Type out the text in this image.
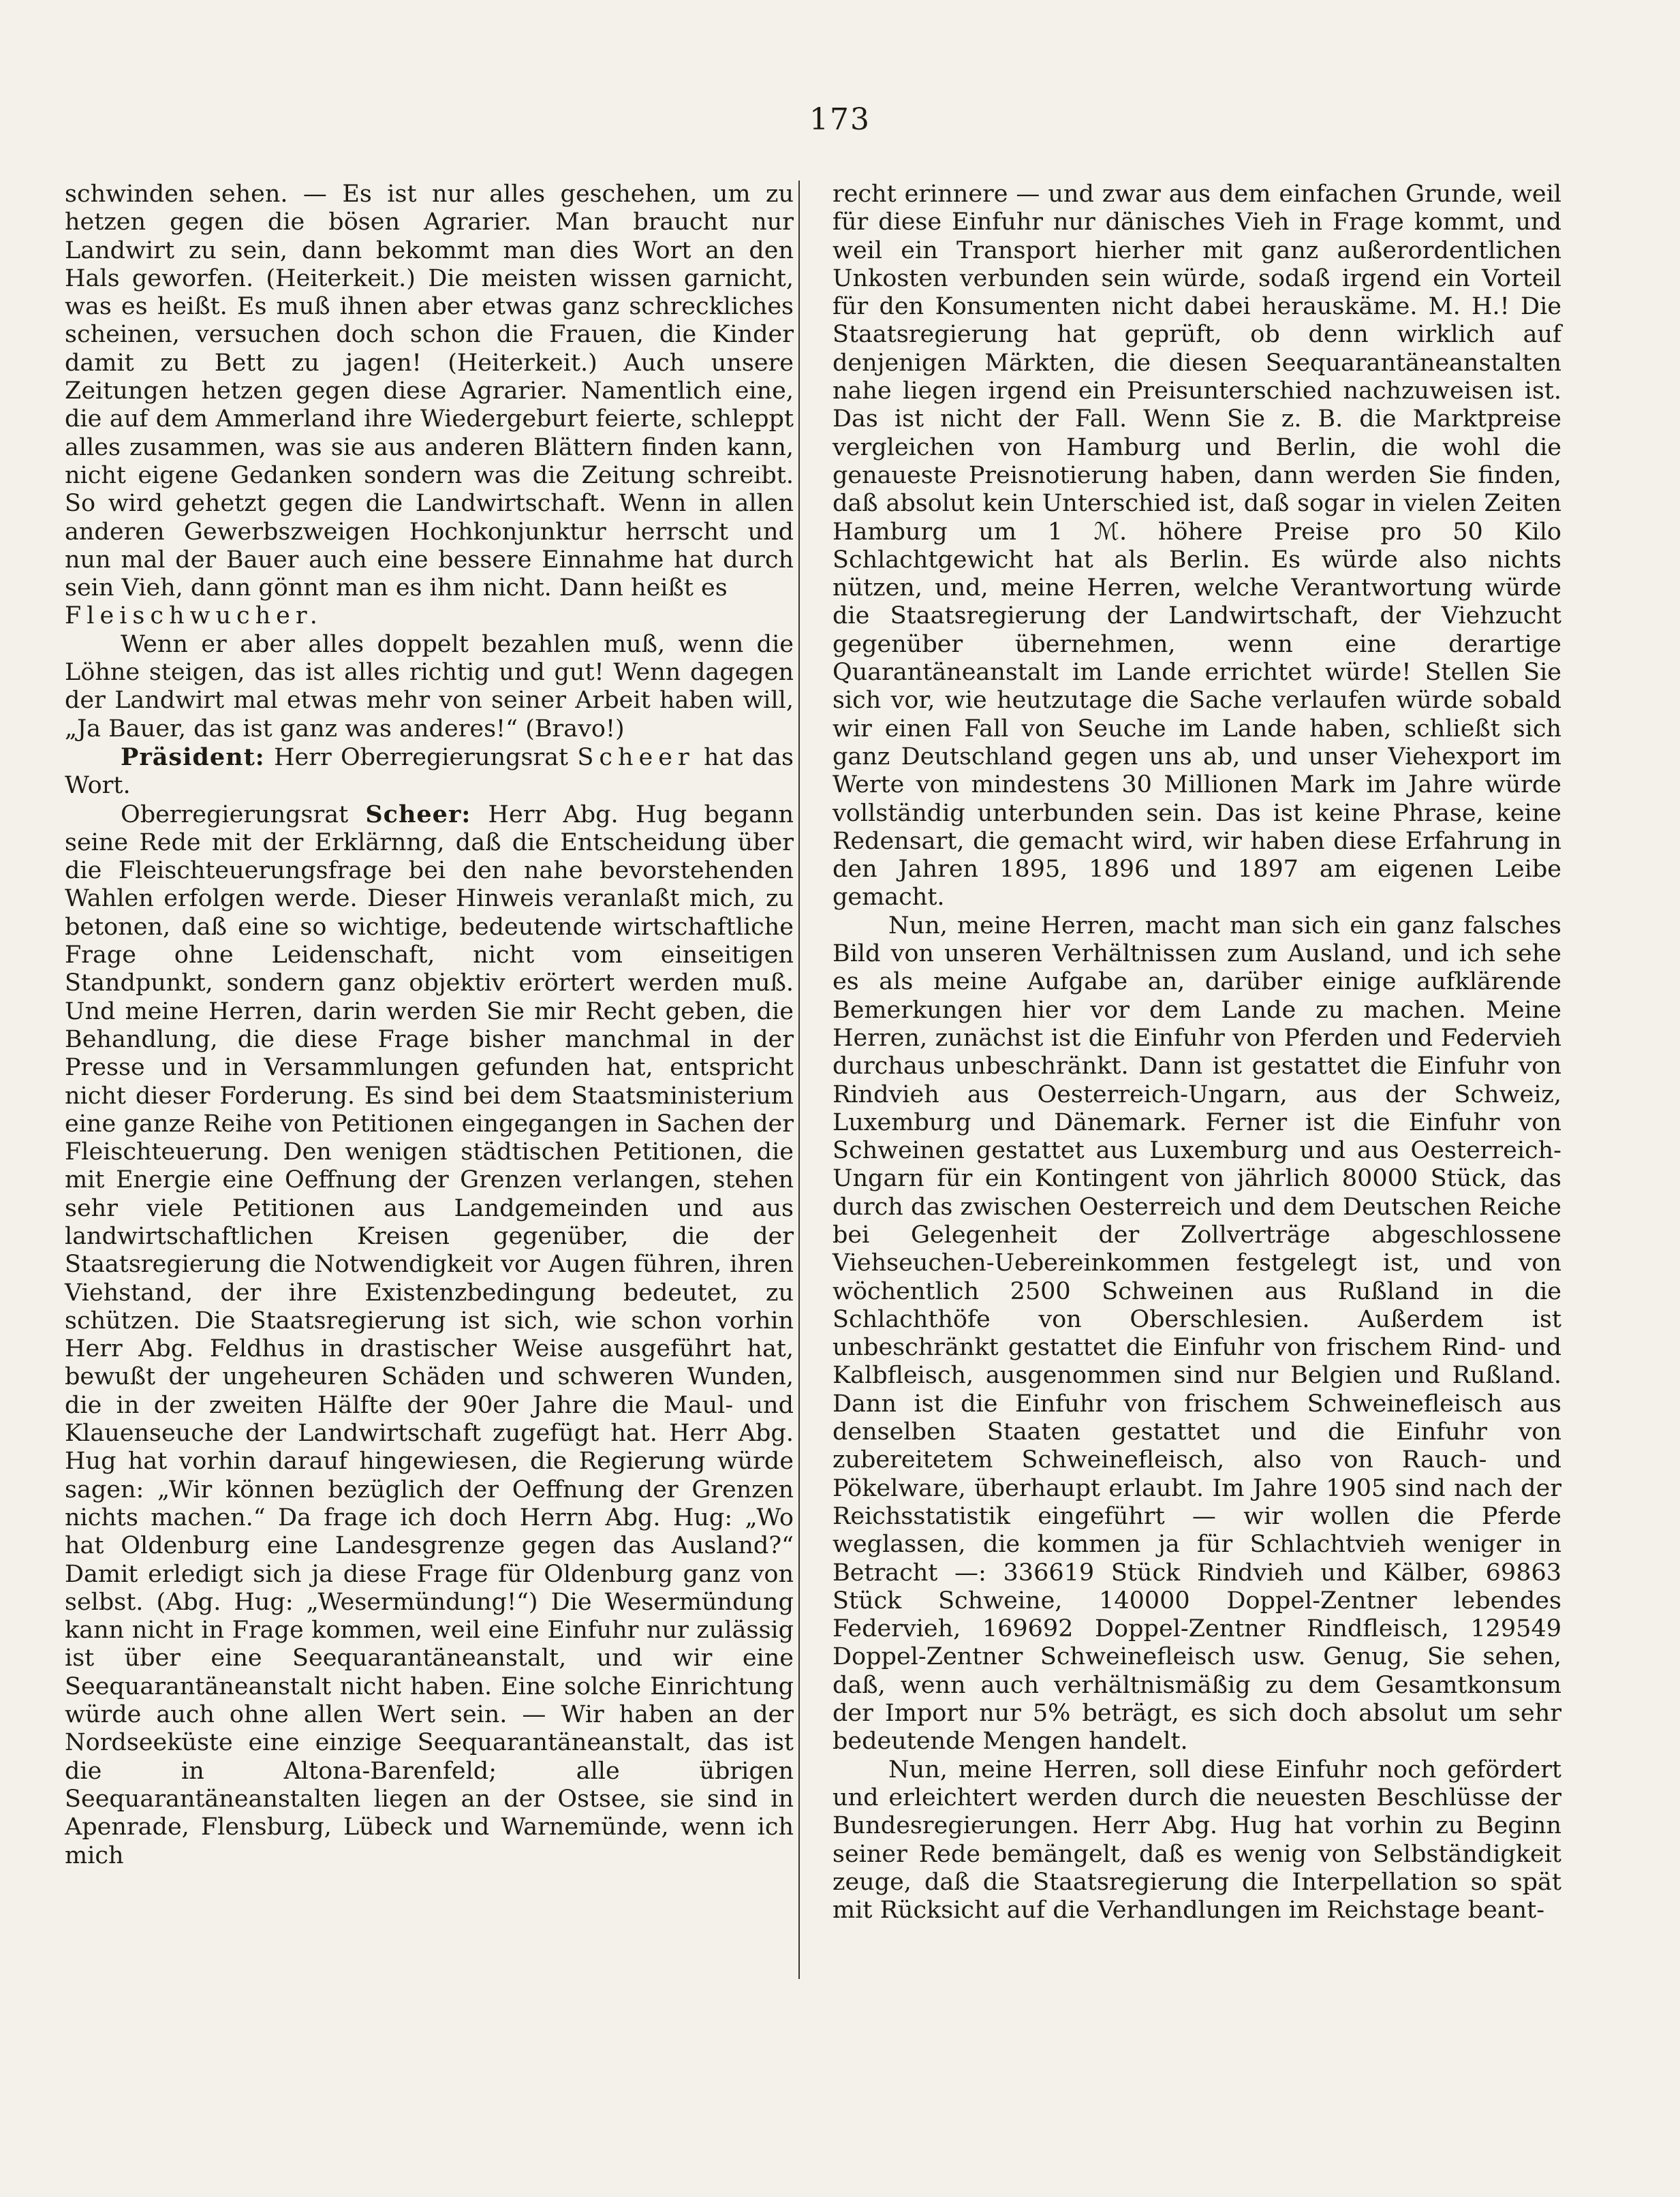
173

schwinden sehen. — Es ist nur alles geschehen, um zu hetzen gegen die bösen Agrarier. Man braucht nur Landwirt zu sein, dann bekommt man dies Wort an den Hals geworfen. (Heiterkeit.) Die meisten wissen garnicht, was es heißt. Es muß ihnen aber etwas ganz schreckliches scheinen, versuchen doch schon die Frauen, die Kinder damit zu Bett zu jagen! (Heiterkeit.) Auch unsere Zeitungen hetzen gegen diese Agrarier. Namentlich eine, die auf dem Ammerland ihre Wiedergeburt feierte, schleppt alles zusammen, was sie aus anderen Blättern finden kann, nicht eigene Gedanken sondern was die Zeitung schreibt. So wird gehetzt gegen die Landwirtschaft. Wenn in allen anderen Gewerbszweigen Hochkonjunktur herrscht und nun mal der Bauer auch eine bessere Einnahme hat durch sein Vieh, dann gönnt man es ihm nicht. Dann heißt es

Fleischwucher.

Wenn er aber alles doppelt bezahlen muß, wenn die Löhne steigen, das ist alles richtig und gut! Wenn dagegen der Landwirt mal etwas mehr von seiner Arbeit haben will, „Ja Bauer, das ist ganz was anderes!“ (Bravo!)

Präsident: Herr Oberregierungsrat Scheer hat das Wort.

Oberregierungsrat Scheer: Herr Abg. Hug begann seine Rede mit der Erklärnng, daß die Entscheidung über die Fleischteuerungsfrage bei den nahe bevorstehenden Wahlen erfolgen werde. Dieser Hinweis veranlaßt mich, zu betonen, daß eine so wichtige, bedeutende wirtschaftliche Frage ohne Leidenschaft, nicht vom einseitigen Standpunkt, sondern ganz objektiv erörtert werden muß. Und meine Herren, darin werden Sie mir Recht geben, die Behandlung, die diese Frage bisher manchmal in der Presse und in Versammlungen gefunden hat, entspricht nicht dieser Forderung. Es sind bei dem Staatsministerium eine ganze Reihe von Petitionen eingegangen in Sachen der Fleischteuerung. Den wenigen städtischen Petitionen, die mit Energie eine Oeffnung der Grenzen verlangen, stehen sehr viele Petitionen aus Landgemeinden und aus landwirtschaftlichen Kreisen gegenüber, die der Staatsregierung die Notwendigkeit vor Augen führen, ihren Viehstand, der ihre Existenzbedingung bedeutet, zu schützen. Die Staatsregierung ist sich, wie schon vorhin Herr Abg. Feldhus in drastischer Weise ausgeführt hat, bewußt der ungeheuren Schäden und schweren Wunden, die in der zweiten Hälfte der 90er Jahre die Maul- und Klauenseuche der Landwirtschaft zugefügt hat. Herr Abg. Hug hat vorhin darauf hingewiesen, die Regierung würde sagen: „Wir können bezüglich der Oeffnung der Grenzen nichts machen.“ Da frage ich doch Herrn Abg. Hug: „Wo hat Oldenburg eine Landesgrenze gegen das Ausland?“ Damit erledigt sich ja diese Frage für Oldenburg ganz von selbst. (Abg. Hug: „Wesermündung!“) Die Wesermündung kann nicht in Frage kommen, weil eine Einfuhr nur zulässig ist über eine Seequarantäneanstalt, und wir eine Seequarantäneanstalt nicht haben. Eine solche Einrichtung würde auch ohne allen Wert sein. — Wir haben an der Nordseeküste eine einzige Seequarantäneanstalt, das ist die in Altona-Barenfeld; alle übrigen Seequarantäneanstalten liegen an der Ostsee, sie sind in Apenrade, Flensburg, Lübeck und Warnemünde, wenn ich mich

recht erinnere — und zwar aus dem einfachen Grunde, weil für diese Einfuhr nur dänisches Vieh in Frage kommt, und weil ein Transport hierher mit ganz außerordentlichen Unkosten verbunden sein würde, sodaß irgend ein Vorteil für den Konsumenten nicht dabei herauskäme. M. H.! Die Staatsregierung hat geprüft, ob denn wirklich auf denjenigen Märkten, die diesen Seequarantäneanstalten nahe liegen irgend ein Preisunterschied nachzuweisen ist. Das ist nicht der Fall. Wenn Sie z. B. die Marktpreise vergleichen von Hamburg und Berlin, die wohl die genaueste Preisnotierung haben, dann werden Sie finden, daß absolut kein Unterschied ist, daß sogar in vielen Zeiten Hamburg um 1 ℳ. höhere Preise pro 50 Kilo Schlachtgewicht hat als Berlin. Es würde also nichts nützen, und, meine Herren, welche Verantwortung würde die Staatsregierung der Landwirtschaft, der Viehzucht gegenüber übernehmen, wenn eine derartige Quarantäneanstalt im Lande errichtet würde! Stellen Sie sich vor, wie heutzutage die Sache verlaufen würde sobald wir einen Fall von Seuche im Lande haben, schließt sich ganz Deutschland gegen uns ab, und unser Viehexport im Werte von mindestens 30 Millionen Mark im Jahre würde vollständig unterbunden sein. Das ist keine Phrase, keine Redensart, die gemacht wird, wir haben diese Erfahrung in den Jahren 1895, 1896 und 1897 am eigenen Leibe gemacht.

Nun, meine Herren, macht man sich ein ganz falsches Bild von unseren Verhältnissen zum Ausland, und ich sehe es als meine Aufgabe an, darüber einige aufklärende Bemerkungen hier vor dem Lande zu machen. Meine Herren, zunächst ist die Einfuhr von Pferden und Federvieh durchaus unbeschränkt. Dann ist gestattet die Einfuhr von Rindvieh aus Oesterreich-Ungarn, aus der Schweiz, Luxemburg und Dänemark. Ferner ist die Einfuhr von Schweinen gestattet aus Luxemburg und aus Oesterreich-Ungarn für ein Kontingent von jährlich 80000 Stück, das durch das zwischen Oesterreich und dem Deutschen Reiche bei Gelegenheit der Zollverträge abgeschlossene Viehseuchen-Uebereinkommen festgelegt ist, und von wöchentlich 2500 Schweinen aus Rußland in die Schlachthöfe von Oberschlesien. Außerdem ist unbeschränkt gestattet die Einfuhr von frischem Rind- und Kalbfleisch, ausgenommen sind nur Belgien und Rußland. Dann ist die Einfuhr von frischem Schweinefleisch aus denselben Staaten gestattet und die Einfuhr von zubereitetem Schweinefleisch, also von Rauch- und Pökelware, überhaupt erlaubt. Im Jahre 1905 sind nach der Reichsstatistik eingeführt — wir wollen die Pferde weglassen, die kommen ja für Schlachtvieh weniger in Betracht —: 336619 Stück Rindvieh und Kälber, 69863 Stück Schweine, 140000 Doppel-Zentner lebendes Federvieh, 169692 Doppel-Zentner Rindfleisch, 129549 Doppel-Zentner Schweinefleisch usw. Genug, Sie sehen, daß, wenn auch verhältnismäßig zu dem Gesamtkonsum der Import nur 5% beträgt, es sich doch absolut um sehr bedeutende Mengen handelt.

Nun, meine Herren, soll diese Einfuhr noch gefördert und erleichtert werden durch die neuesten Beschlüsse der Bundesregierungen. Herr Abg. Hug hat vorhin zu Beginn seiner Rede bemängelt, daß es wenig von Selbständigkeit zeuge, daß die Staatsregierung die Interpellation so spät mit Rücksicht auf die Verhandlungen im Reichstage beant-
